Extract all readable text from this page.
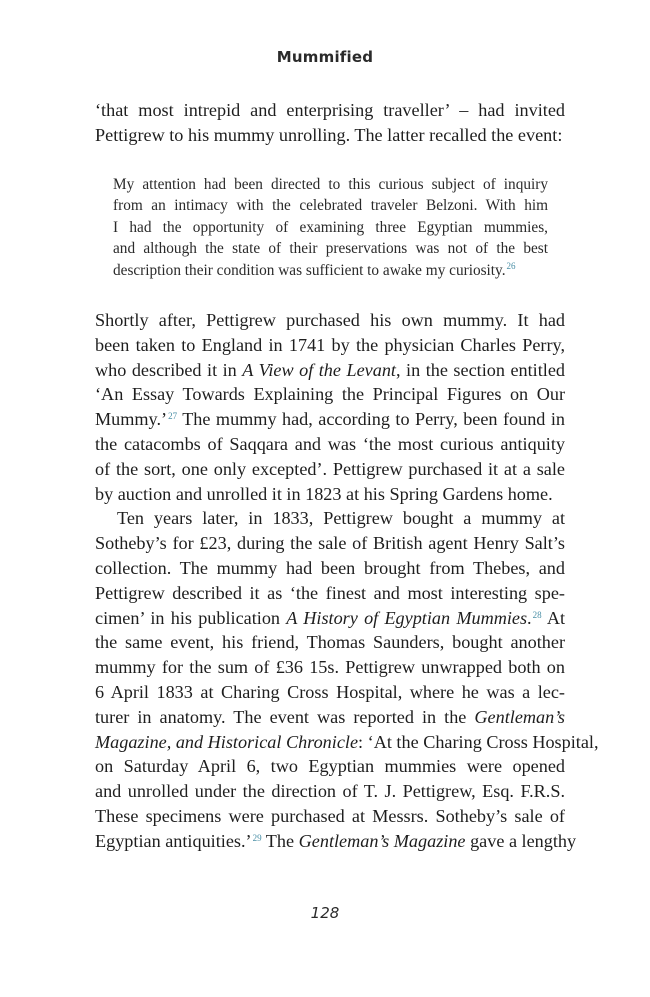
Mummified
‘that most intrepid and enterprising traveller’ – had invited
Pettigrew to his mummy unrolling. The latter recalled the event:
My attention had been directed to this curious subject of inquiry
from an intimacy with the celebrated traveler Belzoni. With him
I had the opportunity of examining three Egyptian mummies,
and although the state of their preservations was not of the best
description their condition was sufficient to awake my curiosity.$^{26}$
Shortly after, Pettigrew purchased his own mummy. It had
been taken to England in 1741 by the physician Charles Perry,
who described it in A View of the Levant, in the section entitled
‘An Essay Towards Explaining the Principal Figures on Our
Mummy.’$^{27}$ The mummy had, according to Perry, been found in
the catacombs of Saqqara and was ‘the most curious antiquity
of the sort, one only excepted’. Pettigrew purchased it at a sale
by auction and unrolled it in 1823 at his Spring Gardens home.
Ten years later, in 1833, Pettigrew bought a mummy at
Sotheby’s for £23, during the sale of British agent Henry Salt’s
collection. The mummy had been brought from Thebes, and
Pettigrew described it as ‘the finest and most interesting spe-
cimen’ in his publication A History of Egyptian Mummies.$^{28}$ At
the same event, his friend, Thomas Saunders, bought another
mummy for the sum of £36 15s. Pettigrew unwrapped both on
6 April 1833 at Charing Cross Hospital, where he was a lec-
turer in anatomy. The event was reported in the Gentleman’s
Magazine, and Historical Chronicle: ‘At the Charing Cross Hospital,
on Saturday April 6, two Egyptian mummies were opened
and unrolled under the direction of T. J. Pettigrew, Esq. F.R.S.
These specimens were purchased at Messrs. Sotheby’s sale of
Egyptian antiquities.’$^{29}$ The Gentleman’s Magazine gave a lengthy
128
